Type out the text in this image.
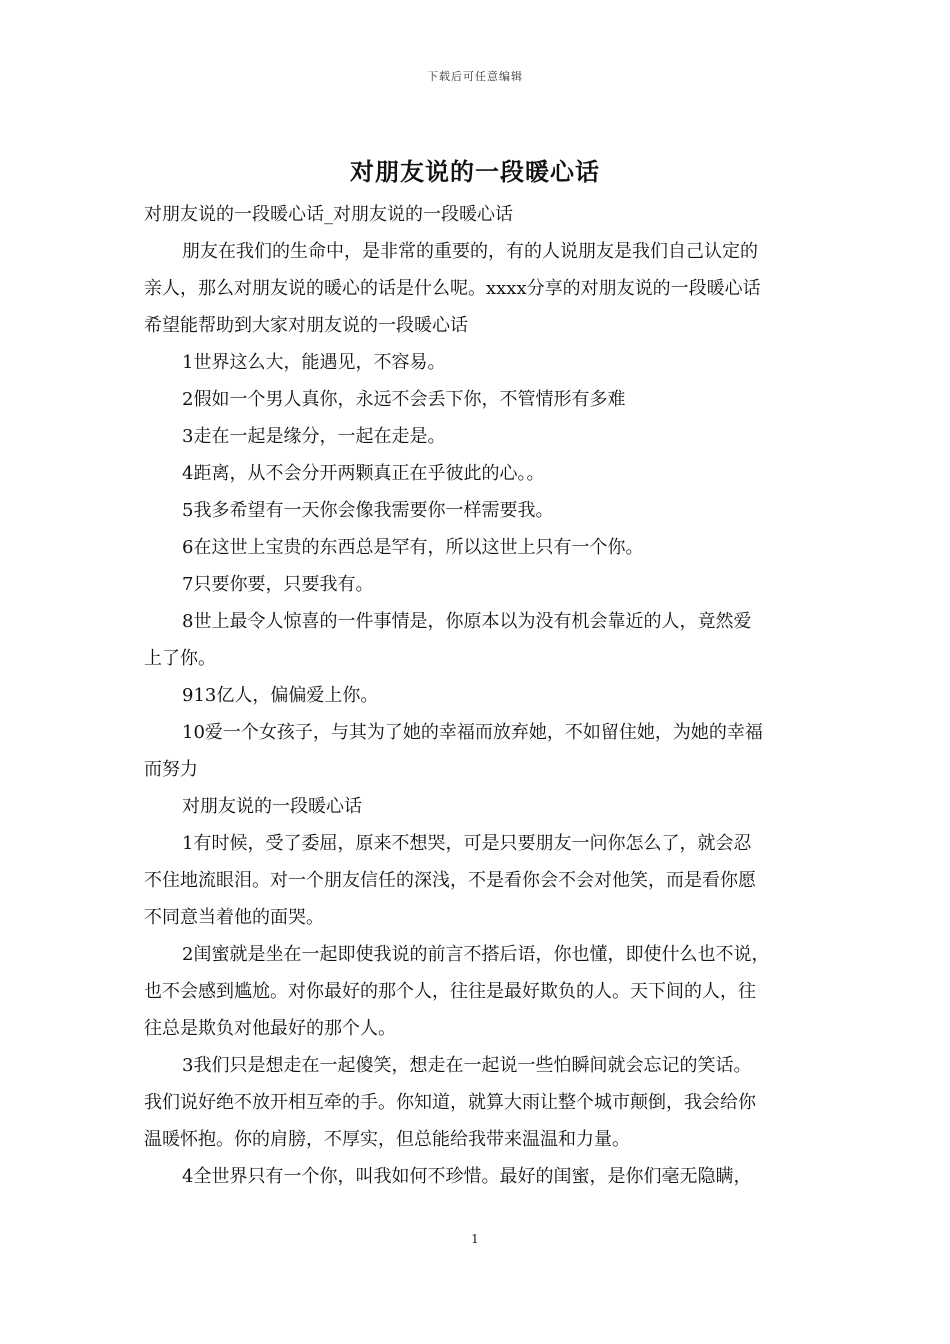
下载后可任意编辑
对朋友说的一段暖心话

对朋友说的一段暖心话_对朋友说的一段暖心话

朋友在我们的生命中，是非常的重要的，有的人说朋友是我们自己认定的
亲人，那么对朋友说的暖心的话是什么呢。xxxx分享的对朋友说的一段暖心话
希望能帮助到大家对朋友说的一段暖心话

1世界这么大，能遇见，不容易。

2假如一个男人真你，永远不会丢下你，不管情形有多难

3走在一起是缘分，一起在走是。

4距离，从不会分开两颗真正在乎彼此的心。。

5我多希望有一天你会像我需要你一样需要我。

6在这世上宝贵的东西总是罕有，所以这世上只有一个你。

7只要你要，只要我有。

8世上最令人惊喜的一件事情是，你原本以为没有机会靠近的人，竟然爱
上了你。

913亿人，偏偏爱上你。

10爱一个女孩子，与其为了她的幸福而放弃她，不如留住她，为她的幸福
而努力

对朋友说的一段暖心话

1有时候，受了委屈，原来不想哭，可是只要朋友一问你怎么了，就会忍
不住地流眼泪。对一个朋友信任的深浅，不是看你会不会对他笑，而是看你愿
不同意当着他的面哭。

2闺蜜就是坐在一起即使我说的前言不搭后语，你也懂，即使什么也不说，
也不会感到尴尬。对你最好的那个人，往往是最好欺负的人。天下间的人，往
往总是欺负对他最好的那个人。

3我们只是想走在一起傻笑，想走在一起说一些怕瞬间就会忘记的笑话。
我们说好绝不放开相互牵的手。你知道，就算大雨让整个城市颠倒，我会给你
温暖怀抱。你的肩膀，不厚实，但总能给我带来温温和力量。

4全世界只有一个你，叫我如何不珍惜。最好的闺蜜，是你们毫无隐瞒，

1
